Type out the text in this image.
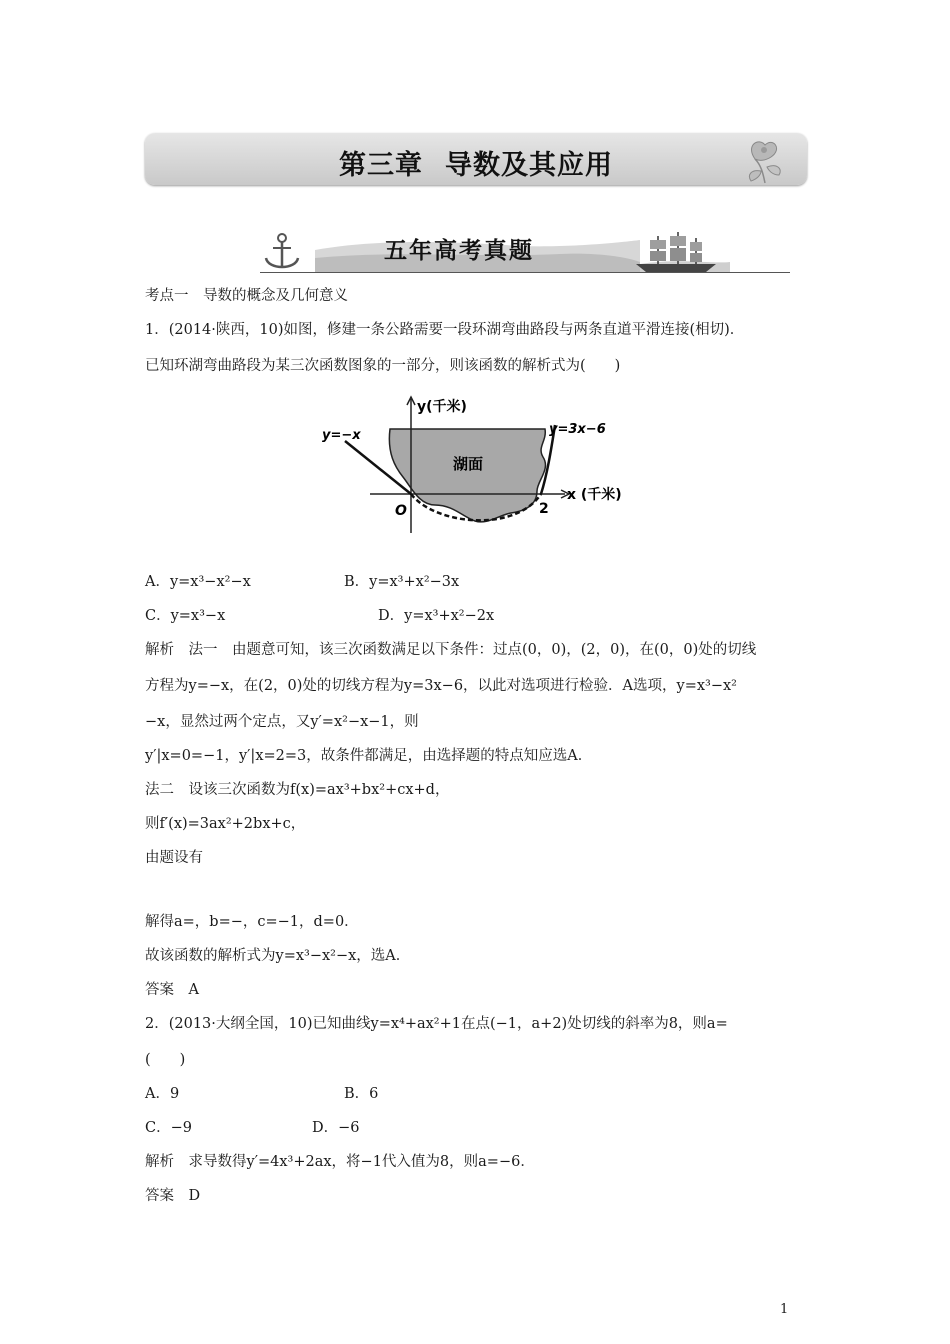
第三章 导数及其应用
五年高考真题
考点一　导数的概念及几何意义
1．(2014·陕西，10)如图，修建一条公路需要一段环湖弯曲路段与两条直道平滑连接(相切)．
已知环湖弯曲路段为某三次函数图象的一部分，则该函数的解析式为(　　)
y(千米)
x (千米)
y=−x	y=3x−6
湖面
O	2
A．y=x³−x²−x	B．y=x³+x²−3x
C．y=x³−x	D．y=x³+x²−2x
解析　法一　由题意可知，该三次函数满足以下条件：过点(0，0)，(2，0)，在(0，0)处的切线
方程为y=−x，在(2，0)处的切线方程为y=3x−6，以此对选项进行检验．A选项，y=x³−x²
−x，显然过两个定点，又y′=x²−x−1，则
y′|x=0=−1，y′|x=2=3，故条件都满足，由选择题的特点知应选A．
法二　设该三次函数为f(x)=ax³+bx²+cx+d，
则f′(x)=3ax²+2bx+c，
由题设有
解得a=，b=−，c=−1，d=0．
故该函数的解析式为y=x³−x²−x，选A．
答案　A
2．(2013·大纲全国，10)已知曲线y=x⁴+ax²+1在点(−1，a+2)处切线的斜率为8，则a=
(　　)
A．9	B．6
C．−9	D．−6
解析　求导数得y′=4x³+2ax，将−1代入值为8，则a=−6．
答案　D
1
